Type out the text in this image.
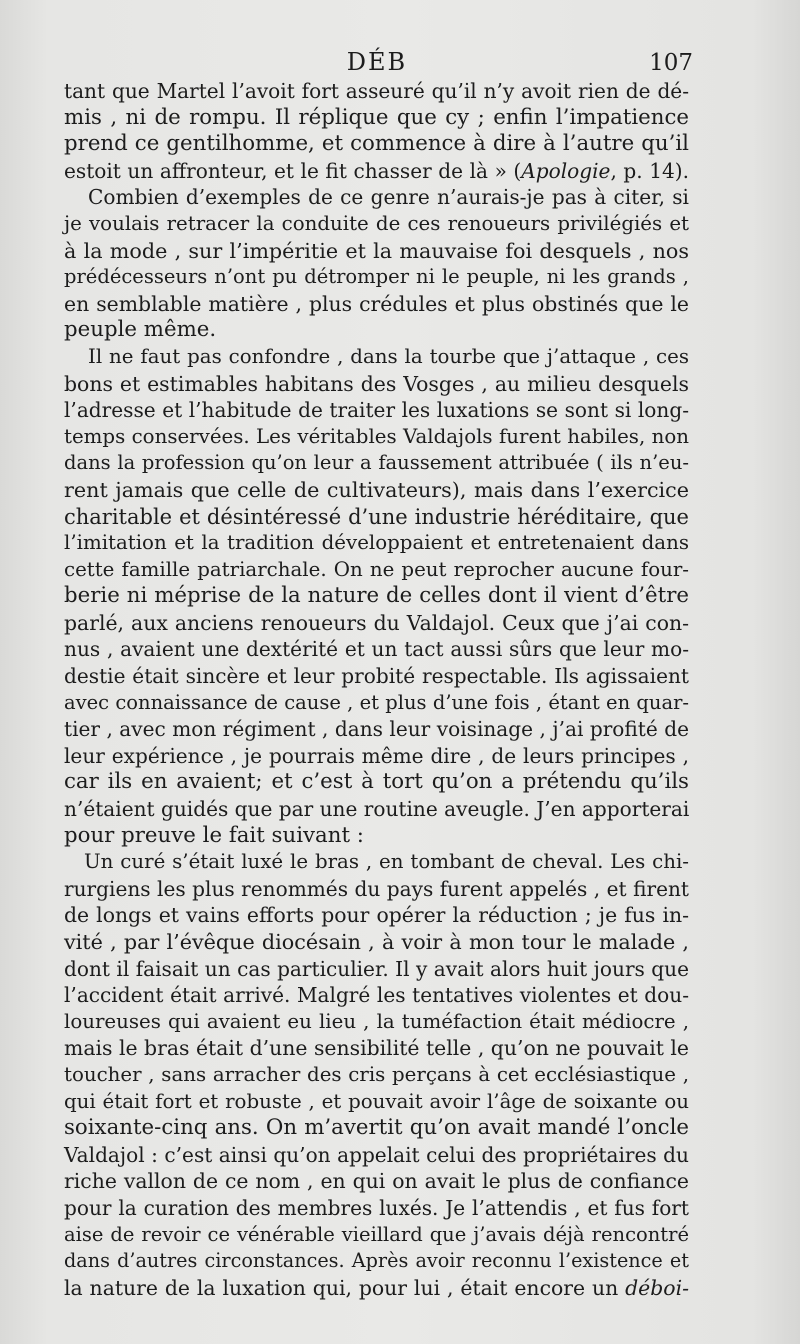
DÉB	107
tant que Martel l’avoit fort asseuré qu’il n’y avoit rien de dé-
mis , ni de rompu. Il réplique que cy ; enfin l’impatience
prend ce gentilhomme, et commence à dire à l’autre qu’il
estoit un affronteur, et le fit chasser de là » (Apologie, p. 14).
Combien d’exemples de ce genre n’aurais-je pas à citer, si
je voulais retracer la conduite de ces renoueurs privilégiés et
à la mode , sur l’impéritie et la mauvaise foi desquels , nos
prédécesseurs n’ont pu détromper ni le peuple, ni les grands ,
en semblable matière , plus crédules et plus obstinés que le
peuple même.
Il ne faut pas confondre , dans la tourbe que j’attaque , ces
bons et estimables habitans des Vosges , au milieu desquels
l’adresse et l’habitude de traiter les luxations se sont si long-
temps conservées. Les véritables Valdajols furent habiles, non
dans la profession qu’on leur a faussement attribuée ( ils n’eu-
rent jamais que celle de cultivateurs), mais dans l’exercice
charitable et désintéressé d’une industrie héréditaire, que
l’imitation et la tradition développaient et entretenaient dans
cette famille patriarchale. On ne peut reprocher aucune four-
berie ni méprise de la nature de celles dont il vient d’être
parlé, aux anciens renoueurs du Valdajol. Ceux que j’ai con-
nus , avaient une dextérité et un tact aussi sûrs que leur mo-
destie était sincère et leur probité respectable. Ils agissaient
avec connaissance de cause , et plus d’une fois , étant en quar-
tier , avec mon régiment , dans leur voisinage , j’ai profité de
leur expérience , je pourrais même dire , de leurs principes ,
car ils en avaient; et c’est à tort qu’on a prétendu qu’ils
n’étaient guidés que par une routine aveugle. J’en apporterai
pour preuve le fait suivant :
Un curé s’était luxé le bras , en tombant de cheval. Les chi-
rurgiens les plus renommés du pays furent appelés , et firent
de longs et vains efforts pour opérer la réduction ; je fus in-
vité , par l’évêque diocésain , à voir à mon tour le malade ,
dont il faisait un cas particulier. Il y avait alors huit jours que
l’accident était arrivé. Malgré les tentatives violentes et dou-
loureuses qui avaient eu lieu , la tuméfaction était médiocre ,
mais le bras était d’une sensibilité telle , qu’on ne pouvait le
toucher , sans arracher des cris perçans à cet ecclésiastique ,
qui était fort et robuste , et pouvait avoir l’âge de soixante ou
soixante-cinq ans. On m’avertit qu’on avait mandé l’oncle
Valdajol : c’est ainsi qu’on appelait celui des propriétaires du
riche vallon de ce nom , en qui on avait le plus de confiance
pour la curation des membres luxés. Je l’attendis , et fus fort
aise de revoir ce vénérable vieillard que j’avais déjà rencontré
dans d’autres circonstances. Après avoir reconnu l’existence et
la nature de la luxation qui, pour lui , était encore un déboi-
